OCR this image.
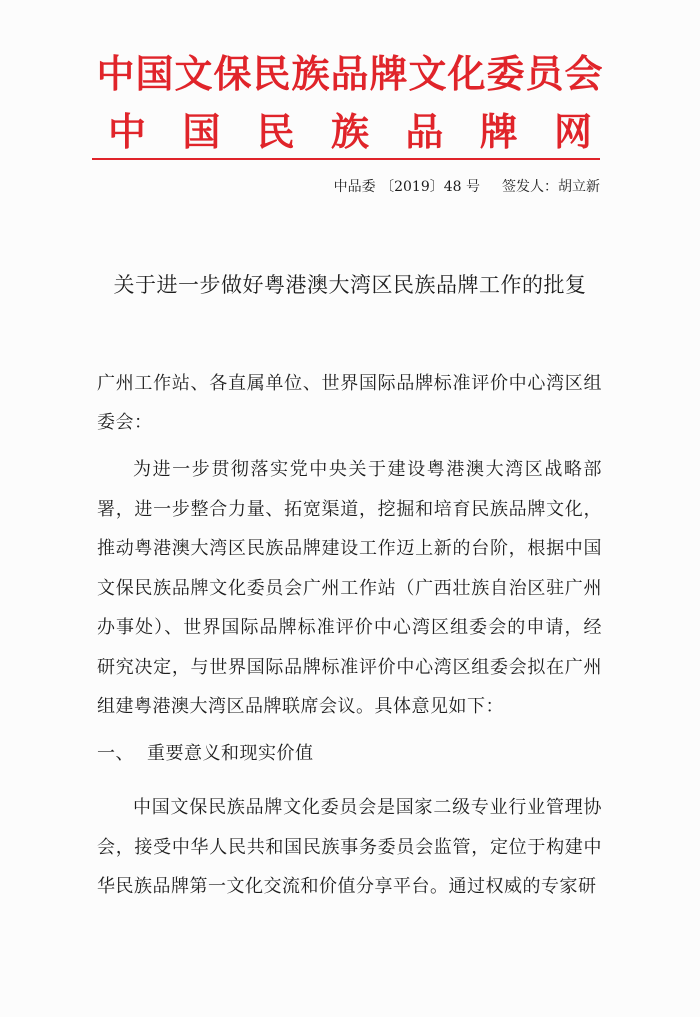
中国文保民族品牌文化委员会
中 国 民 族 品 牌 网
中品委 〔2019〕48 号 签发人：胡立新
关于进一步做好粤港澳大湾区民族品牌工作的批复
广州工作站、各直属单位、世界国际品牌标准评价中心湾区组委会：
为进一步贯彻落实党中央关于建设粤港澳大湾区战略部署，进一步整合力量、拓宽渠道，挖掘和培育民族品牌文化，推动粤港澳大湾区民族品牌建设工作迈上新的台阶，根据中国文保民族品牌文化委员会广州工作站（广西壮族自治区驻广州办事处）、世界国际品牌标准评价中心湾区组委会的申请，经研究决定，与世界国际品牌标准评价中心湾区组委会拟在广州组建粤港澳大湾区品牌联席会议。具体意见如下：
一、 重要意义和现实价值
中国文保民族品牌文化委员会是国家二级专业行业管理协会，接受中华人民共和国民族事务委员会监管，定位于构建中华民族品牌第一文化交流和价值分享平台。通过权威的专家研
